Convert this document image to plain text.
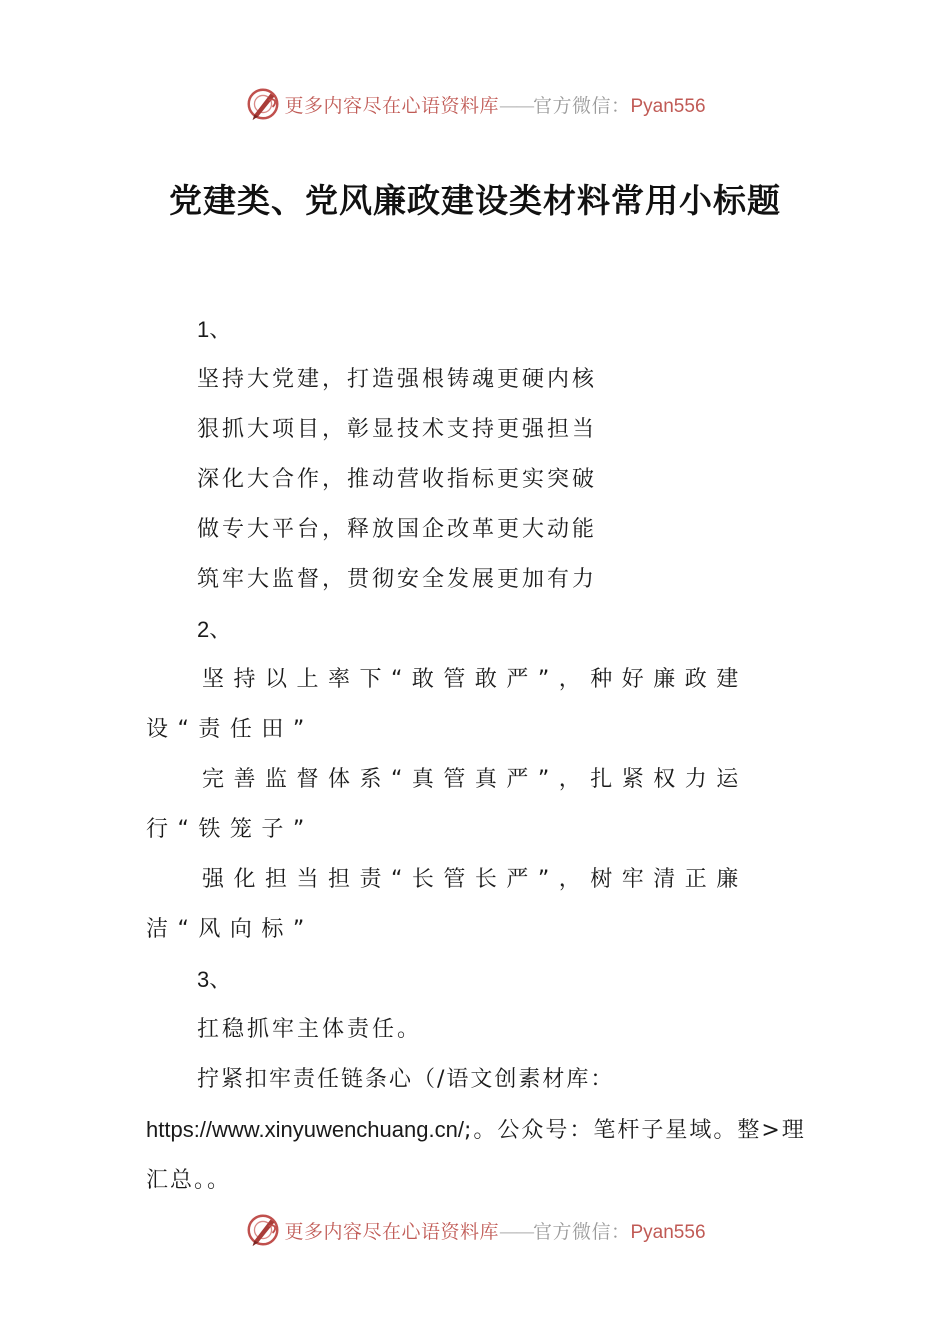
更多内容尽在心语资料库——官方微信：Pyan556
党建类、党风廉政建设类材料常用小标题

1、

坚持大党建，打造强根铸魂更硬内核

狠抓大项目，彰显技术支持更强担当

深化大合作，推动营收指标更实突破

做专大平台，释放国企改革更大动能

筑牢大监督，贯彻安全发展更加有力

2、

坚持以上率下“敢管敢严”，种好廉政建设“责任田”

完善监督体系“真管真严”，扎紧权力运行“铁笼子”

强化担当担责“长管长严”，树牢清正廉洁“风向标”

3、

扛稳抓牢主体责任。

拧紧扣牢责任链条心（/语文创素材库：https://www.xinyuwenchuang.cn/;。公众号：笔杆子星域。整>理汇总。。

更多内容尽在心语资料库——官方微信：Pyan556
